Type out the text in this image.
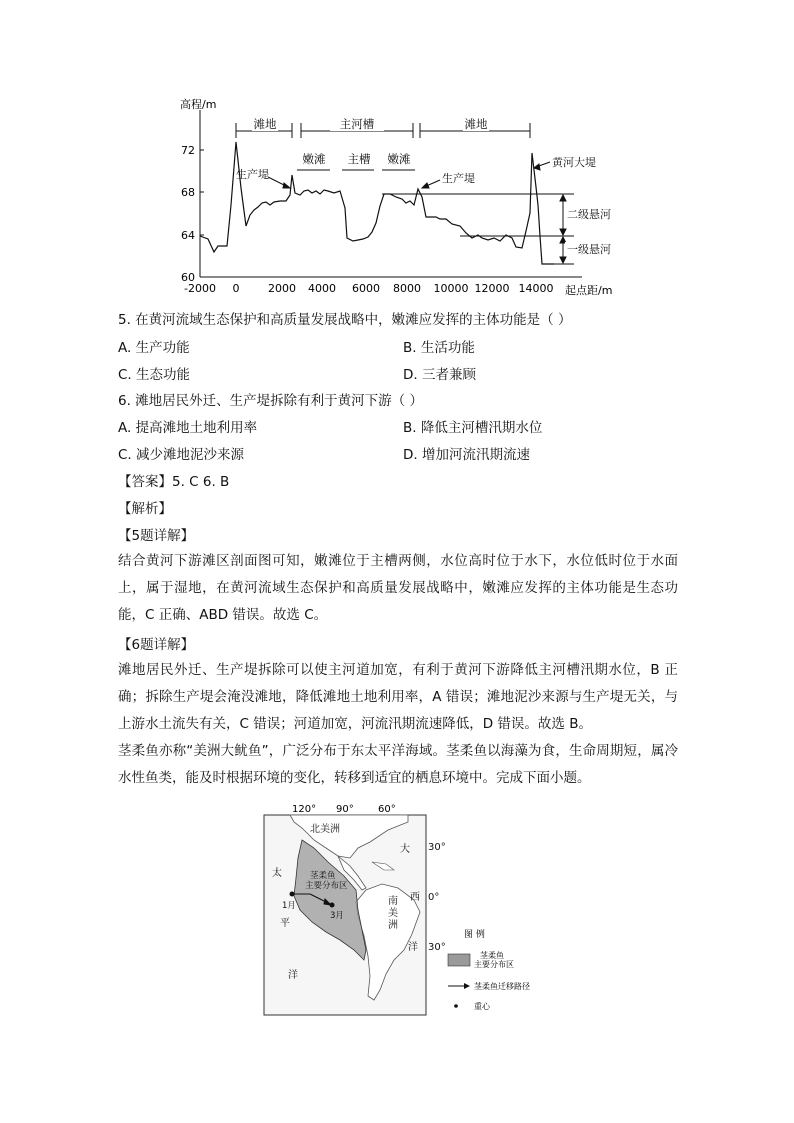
高程/m
起点距/m
72
68
64
60
-2000 0	2000 4000 6000 8000 10000 12000 14000
滩地	主河槽	滩地
嫩滩 主槽 嫩滩
二级悬河
一级悬河
生产堤	生产堤
黄河大堤
5. 在黄河流域生态保护和高质量发展战略中，嫩滩应发挥的主体功能是（ ）
A. 生产功能	B. 生活功能
C. 生态功能	D. 三者兼顾
6. 滩地居民外迁、生产堤拆除有利于黄河下游（ ）
A. 提高滩地土地利用率	B. 降低主河槽汛期水位
C. 减少滩地泥沙来源	D. 增加河流汛期流速
【答案】5. C 6. B
【解析】
【5题详解】
结合黄河下游滩区剖面图可知，嫩滩位于主槽两侧，水位高时位于水下，水位低时位于水面上，属于湿地，在黄河流域生态保护和高质量发展战略中，嫩滩应发挥的主体功能是生态功能，C 正确、ABD 错误。故选 C。
【6题详解】
滩地居民外迁、生产堤拆除可以使主河道加宽，有利于黄河下游降低主河槽汛期水位，B 正确；拆除生产堤会淹没滩地，降低滩地土地利用率，A 错误；滩地泥沙来源与生产堤无关，与上游水土流失有关，C 错误；河道加宽，河流汛期流速降低，D 错误。故选 B。
茎柔鱼亦称“美洲大鱿鱼”，广泛分布于东太平洋海域。茎柔鱼以海藻为食，生命周期短，属冷水性鱼类，能及时根据环境的变化，转移到适宜的栖息环境中。完成下面小题。
120° 90° 60°
茎柔鱼
主要分布区
1月
3月
北美洲
南
美
洲
太
平
洋
大
西
洋
30°
0°
30°
图 例
茎柔鱼
主要分布区
茎柔鱼迁移路径
重心
